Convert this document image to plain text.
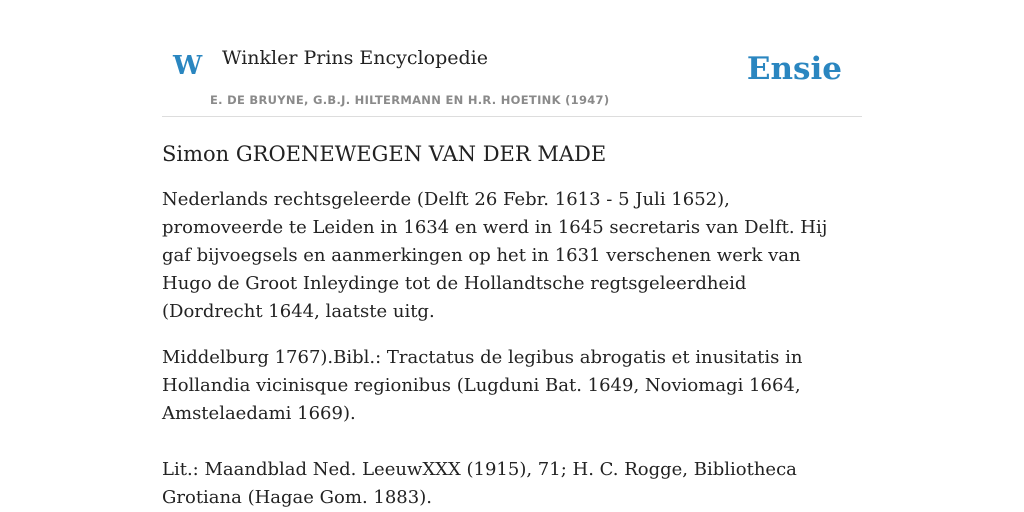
W Winkler Prins Encyclopedie
E. DE BRUYNE, G.B.J. HILTERMANN EN H.R. HOETINK (1947)
Ensie
Simon GROENEWEGEN VAN DER MADE

Nederlands rechtsgeleerde (Delft 26 Febr. 1613 - 5 Juli 1652), promoveerde te Leiden in 1634 en werd in 1645 secretaris van Delft. Hij gaf bijvoegsels en aanmerkingen op het in 1631 verschenen werk van Hugo de Groot Inleydinge tot de Hollandtsche regtsgeleerdheid (Dordrecht 1644, laatste uitg.

Middelburg 1767).Bibl.: Tractatus de legibus abrogatis et inusitatis in Hollandia vicinisque regionibus (Lugduni Bat. 1649, Noviomagi 1664, Amstelaedami 1669).

Lit.: Maandblad Ned. LeeuwXXX (1915), 71; H. C. Rogge, Bibliotheca Grotiana (Hagae Gom. 1883).
